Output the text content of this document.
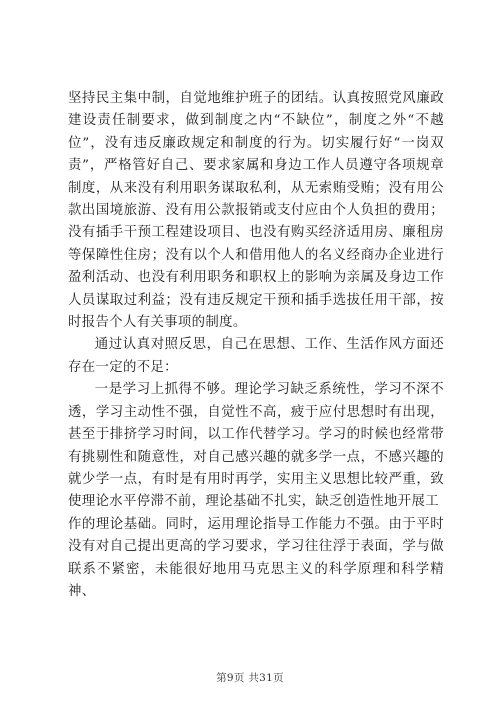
坚持民主集中制，自觉地维护班子的团结。认真按照党风廉政建设责任制要求，做到制度之内“不缺位”，制度之外“不越位”，没有违反廉政规定和制度的行为。切实履行好“一岗双责”，严格管好自己、要求家属和身边工作人员遵守各项规章制度，从来没有利用职务谋取私利，从无索贿受贿；没有用公款出国境旅游、没有用公款报销或支付应由个人负担的费用；没有插手干预工程建设项目、也没有购买经济适用房、廉租房等保障性住房；没有以个人和借用他人的名义经商办企业进行盈利活动、也没有利用职务和职权上的影响为亲属及身边工作人员谋取过利益；没有违反规定干预和插手选拔任用干部，按时报告个人有关事项的制度。

通过认真对照反思，自己在思想、工作、生活作风方面还存在一定的不足：

一是学习上抓得不够。理论学习缺乏系统性，学习不深不透，学习主动性不强，自觉性不高，疲于应付思想时有出现，甚至于排挤学习时间，以工作代替学习。学习的时候也经常带有挑剔性和随意性，对自己感兴趣的就多学一点，不感兴趣的就少学一点，有时是有用时再学，实用主义思想比较严重，致使理论水平停滞不前，理论基础不扎实，缺乏创造性地开展工

作的理论基础。同时，运用理论指导工作能力不强。由于平时没有对自己提出更高的学习要求，学习往往浮于表面，学与做联系不紧密，未能很好地用马克思主义的科学原理和科学精神、

第9页 共31页
